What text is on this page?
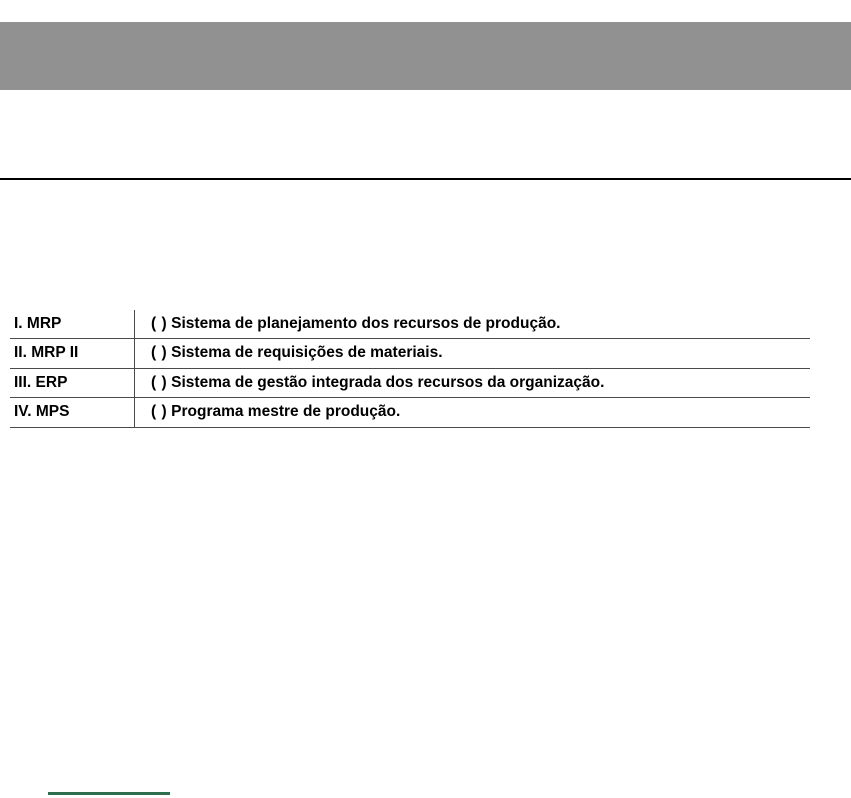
I. MRP	( ) Sistema de planejamento dos recursos de produção.
II. MRP II	( ) Sistema de requisições de materiais.
III. ERP	( ) Sistema de gestão integrada dos recursos da organização.
IV. MPS	( ) Programa mestre de produção.
